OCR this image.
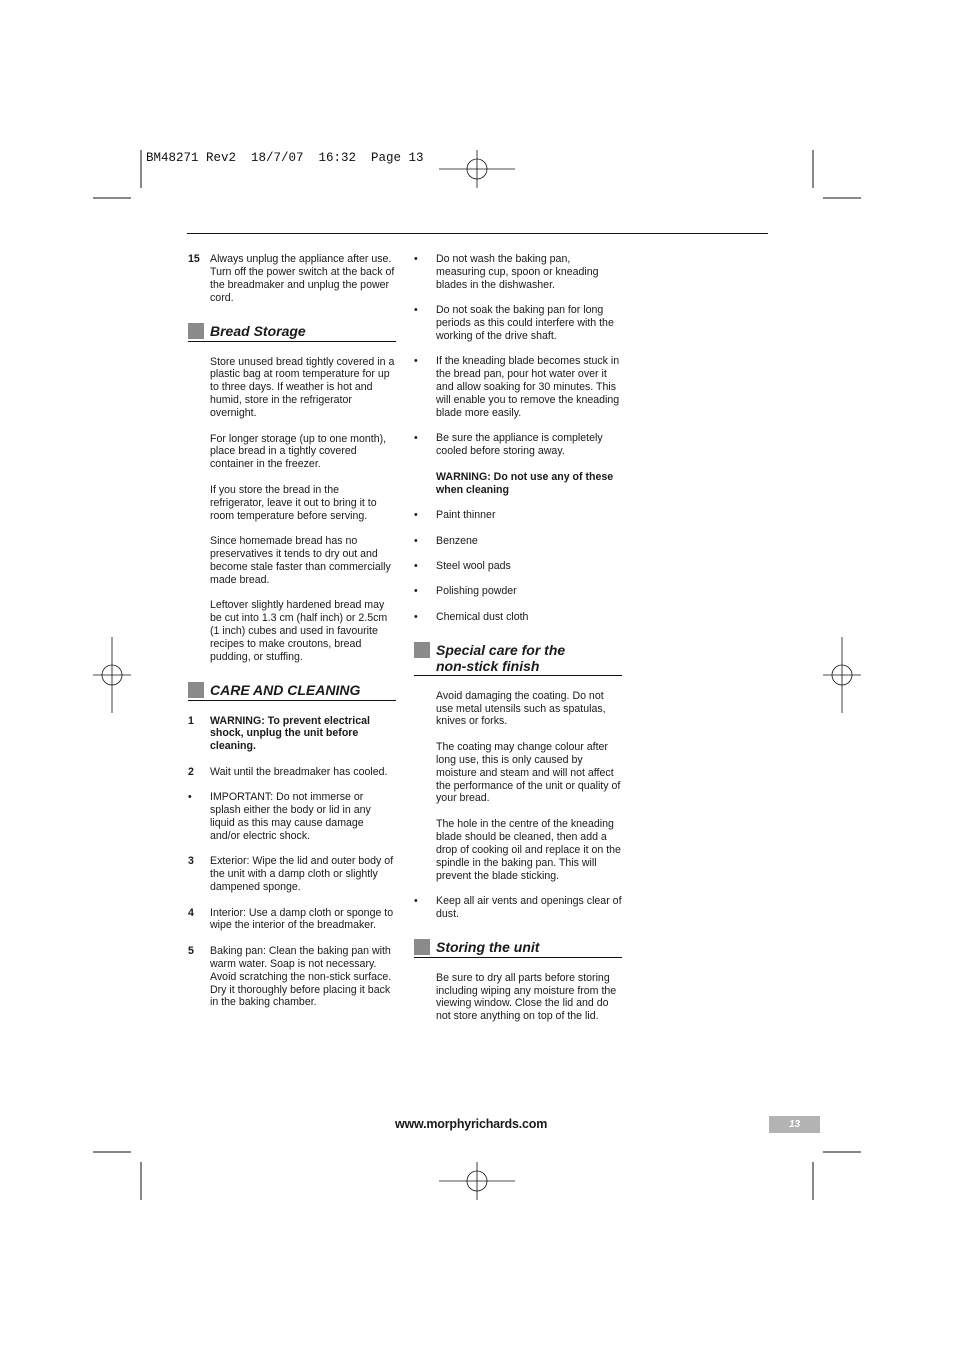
BM48271 Rev2  18/7/07  16:32  Page 13
15 Always unplug the appliance after use. Turn off the power switch at the back of the breadmaker and unplug the power cord.
Bread Storage
Store unused bread tightly covered in a plastic bag at room temperature for up to three days. If weather is hot and humid, store in the refrigerator overnight.
For longer storage (up to one month), place bread in a tightly covered container in the freezer.
If you store the bread in the refrigerator, leave it out to bring it to room temperature before serving.
Since homemade bread has no preservatives it tends to dry out and become stale faster than commercially made bread.
Leftover slightly hardened bread may be cut into 1.3 cm (half inch) or 2.5cm (1 inch) cubes and used in favourite recipes to make croutons, bread pudding, or stuffing.
CARE AND CLEANING
1 WARNING: To prevent electrical shock, unplug the unit before cleaning.
2 Wait until the breadmaker has cooled.
• IMPORTANT: Do not immerse or splash either the body or lid in any liquid as this may cause damage and/or electric shock.
3 Exterior: Wipe the lid and outer body of the unit with a damp cloth or slightly dampened sponge.
4 Interior: Use a damp cloth or sponge to wipe the interior of the breadmaker.
5 Baking pan: Clean the baking pan with warm water. Soap is not necessary. Avoid scratching the non-stick surface. Dry it thoroughly before placing it back in the baking chamber.
• Do not wash the baking pan, measuring cup, spoon or kneading blades in the dishwasher.
• Do not soak the baking pan for long periods as this could interfere with the working of the drive shaft.
• If the kneading blade becomes stuck in the bread pan, pour hot water over it and allow soaking for 30 minutes. This will enable you to remove the kneading blade more easily.
• Be sure the appliance is completely cooled before storing away.
WARNING: Do not use any of these when cleaning
• Paint thinner
• Benzene
• Steel wool pads
• Polishing powder
• Chemical dust cloth
Special care for the
non-stick finish
Avoid damaging the coating. Do not use metal utensils such as spatulas, knives or forks.
The coating may change colour after long use, this is only caused by moisture and steam and will not affect the performance of the unit or quality of your bread.
The hole in the centre of the kneading blade should be cleaned, then add a drop of cooking oil and replace it on the spindle in the baking pan. This will prevent the blade sticking.
• Keep all air vents and openings clear of dust.
Storing the unit
Be sure to dry all parts before storing including wiping any moisture from the viewing window. Close the lid and do not store anything on top of the lid.
www.morphyrichards.com	13
